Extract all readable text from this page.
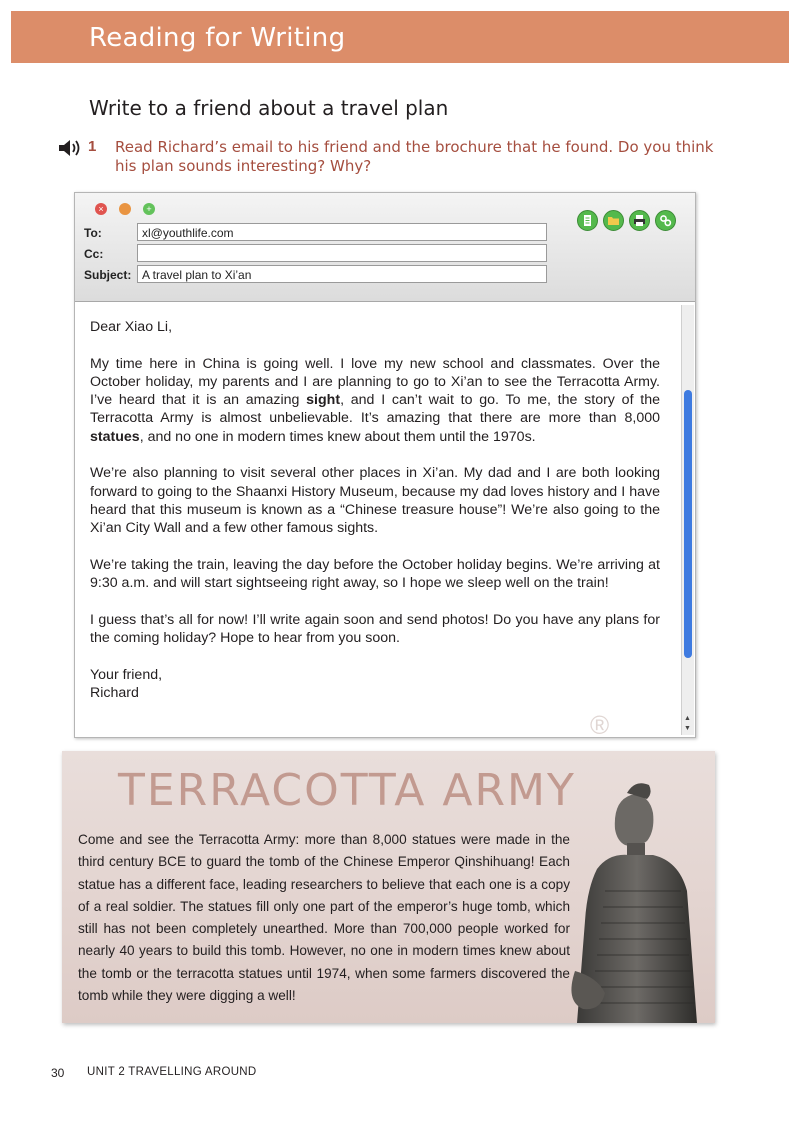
Reading for Writing
Write to a friend about a travel plan
1 Read Richard’s email to his friend and the brochure that he found. Do you think his plan sounds interesting? Why?
×	+
To:	xl@youthlife.com
Cc:
Subject: A travel plan to Xi’an

Dear Xiao Li,

My time here in China is going well. I love my new school and classmates. Over the October holiday, my parents and I are planning to go to Xi’an to see the Terracotta Army. I’ve heard that it is an amazing sight, and I can’t wait to go. To me, the story of the Terracotta Army is almost unbelievable. It’s amazing that there are more than 8,000 statues, and no one in modern times knew about them until the 1970s.

We’re also planning to visit several other places in Xi’an. My dad and I are both looking forward to going to the Shaanxi History Museum, because my dad loves history and I have heard that this museum is known as a “Chinese treasure house”! We’re also going to the Xi’an City Wall and a few other famous sights.

We’re taking the train, leaving the day before the October holiday begins. We’re arriving at 9:30 a.m. and will start sightseeing right away, so I hope we sleep well on the train!

I guess that’s all for now! I’ll write again soon and send photos! Do you have any plans for the coming holiday? Hope to hear from you soon.

Your friend,

Richard

▲
▼
®
TERRACOTTA ARMY
Come and see the Terracotta Army: more than 8,000 statues were made in the third century BCE to guard the tomb of the Chinese Emperor Qinshihuang! Each statue has a different face, leading researchers to believe that each one is a copy of a real soldier. The statues fill only one part of the emperor’s huge tomb, which still has not been completely unearthed. More than 700,000 people worked for nearly 40 years to build this tomb. However, no one in modern times knew about the tomb or the terracotta statues until 1974, when some farmers discovered the tomb while they were digging a well!
30 UNIT 2 TRAVELLING AROUND
